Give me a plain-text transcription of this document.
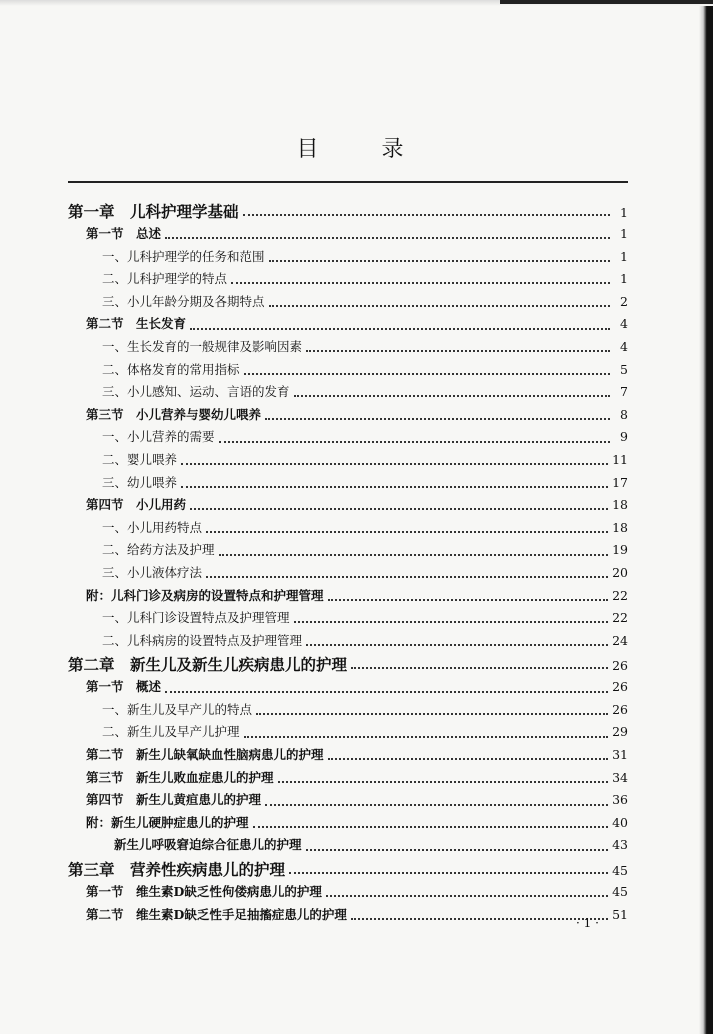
目 录
第一章　儿科护理学基础	1
第一节　总述	1
一、儿科护理学的任务和范围	1
二、儿科护理学的特点	1
三、小儿年龄分期及各期特点	2
第二节　生长发育	4
一、生长发育的一般规律及影响因素	4
二、体格发育的常用指标	5
三、小儿感知、运动、言语的发育	7
第三节　小儿营养与婴幼儿喂养	8
一、小儿营养的需要	9
二、婴儿喂养	11
三、幼儿喂养	17
第四节　小儿用药	18
一、小儿用药特点	18
二、给药方法及护理	19
三、小儿液体疗法	20
附：儿科门诊及病房的设置特点和护理管理	22
一、儿科门诊设置特点及护理管理	22
二、儿科病房的设置特点及护理管理	24
第二章　新生儿及新生儿疾病患儿的护理	26
第一节　概述	26
一、新生儿及早产儿的特点	26
二、新生儿及早产儿护理	29
第二节　新生儿缺氧缺血性脑病患儿的护理	31
第三节　新生儿败血症患儿的护理	34
第四节　新生儿黄疸患儿的护理	36
附：新生儿硬肿症患儿的护理	40
新生儿呼吸窘迫综合征患儿的护理	43
第三章　营养性疾病患儿的护理	45
第一节　维生素D缺乏性佝偻病患儿的护理	45
第二节　维生素D缺乏性手足抽搐症患儿的护理	51
· 1 ·
